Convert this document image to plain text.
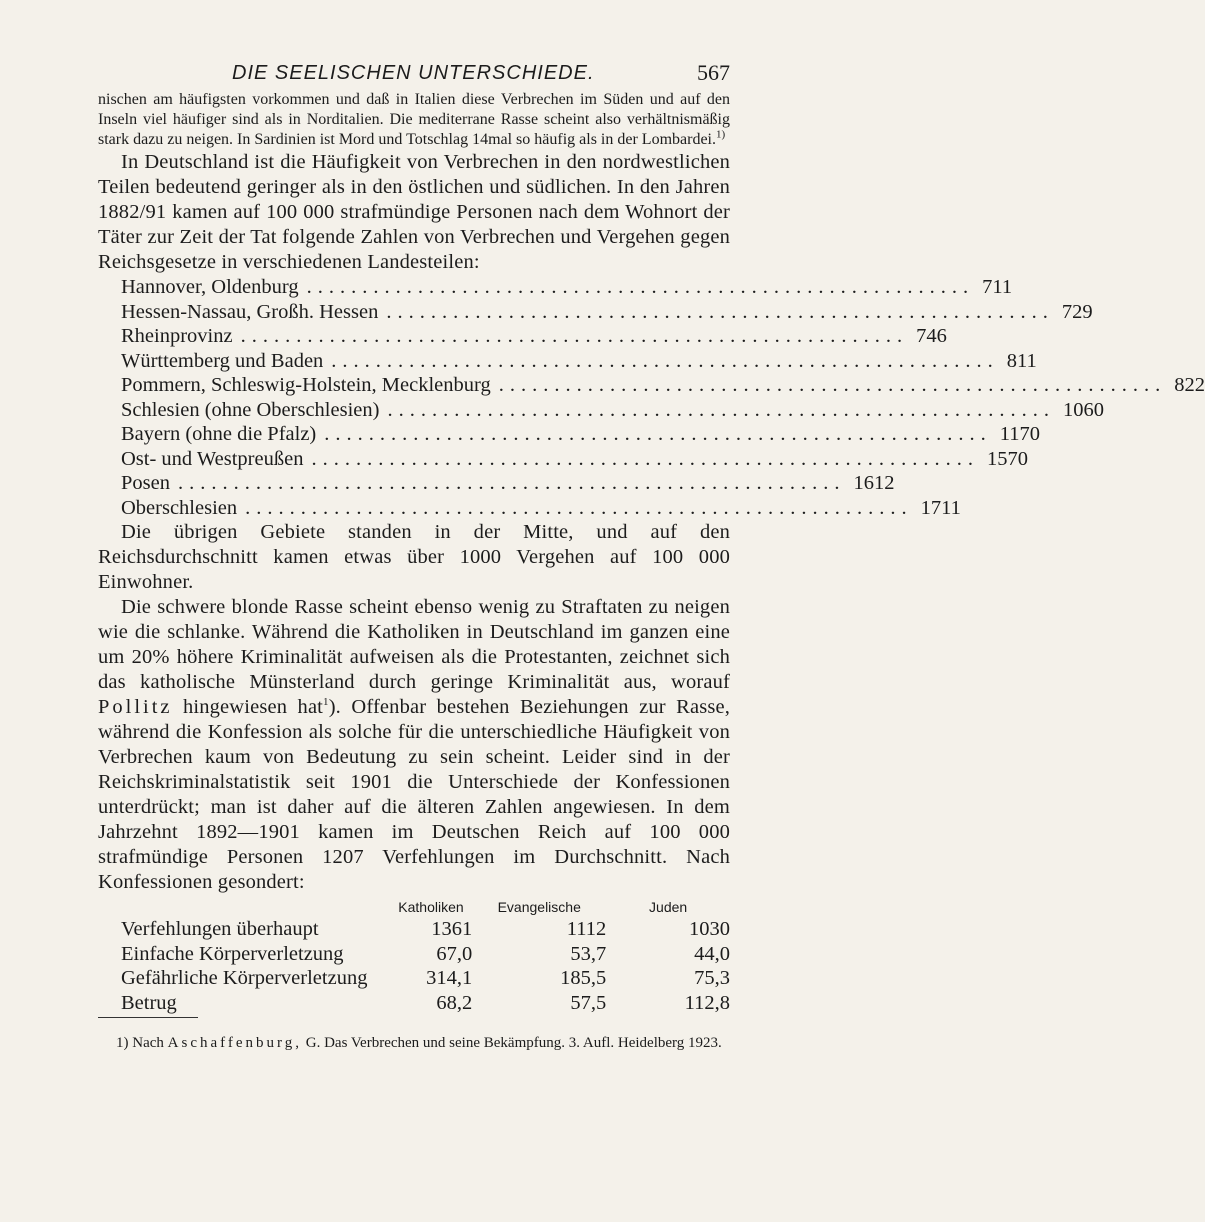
DIE SEELISCHEN UNTERSCHIEDE.	567

nischen am häufigsten vorkommen und daß in Italien diese Verbrechen im Süden und auf den Inseln viel häufiger sind als in Norditalien. Die mediterrane Rasse scheint also verhältnismäßig stark dazu zu neigen. In Sardinien ist Mord und Totschlag 14mal so häufig als in der Lombardei.$^{1)}$

In Deutschland ist die Häufigkeit von Verbrechen in den nordwestlichen Teilen bedeutend geringer als in den östlichen und südlichen. In den Jahren 1882/91 kamen auf 100 000 strafmündige Personen nach dem Wohnort der Täter zur Zeit der Tat folgende Zahlen von Verbrechen und Vergehen gegen Reichsgesetze in verschiedenen Landesteilen:

Hannover, Oldenburg ............................................................ 711
Hessen-Nassau, Großh. Hessen ............................................................ 729
Rheinprovinz ............................................................ 746
Württemberg und Baden ............................................................ 811
Pommern, Schleswig-Holstein, Mecklenburg ............................................................ 822
Schlesien (ohne Oberschlesien) ............................................................ 1060
Bayern (ohne die Pfalz) ............................................................ 1170
Ost- und Westpreußen ............................................................ 1570
Posen ............................................................ 1612
Oberschlesien ............................................................ 1711

Die übrigen Gebiete standen in der Mitte, und auf den Reichsdurchschnitt kamen etwas über 1000 Vergehen auf 100 000 Einwohner.

Die schwere blonde Rasse scheint ebenso wenig zu Straftaten zu neigen wie die schlanke. Während die Katholiken in Deutschland im ganzen eine um 20% höhere Kriminalität aufweisen als die Protestanten, zeichnet sich das katholische Münsterland durch geringe Kriminalität aus, worauf Pollitz hingewiesen hat$^1$). Offenbar bestehen Beziehungen zur Rasse, während die Konfession als solche für die unterschiedliche Häufigkeit von Verbrechen kaum von Bedeutung zu sein scheint. Leider sind in der Reichskriminalstatistik seit 1901 die Unterschiede der Konfessionen unterdrückt; man ist daher auf die älteren Zahlen angewiesen. In dem Jahrzehnt 1892—1901 kamen im Deutschen Reich auf 100 000 strafmündige Personen 1207 Verfehlungen im Durchschnitt. Nach Konfessionen gesondert:

	Katholiken	Evangelische	Juden
Verfehlungen überhaupt	1361	1112	1030
Einfache Körperverletzung	67,0	53,7	44,0
Gefährliche Körperverletzung	314,1	185,5	75,3
Betrug	68,2	57,5	112,8

1) Nach Aschaffenburg, G. Das Verbrechen und seine Bekämpfung. 3. Aufl. Heidelberg 1923.
